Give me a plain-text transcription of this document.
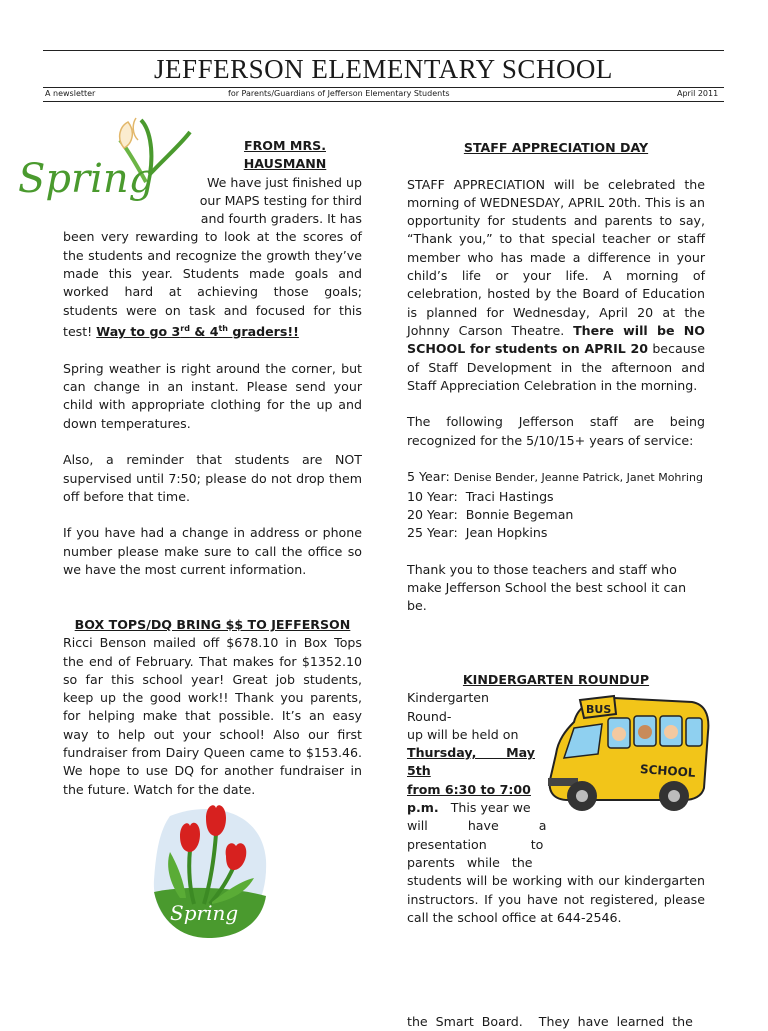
JEFFERSON ELEMENTARY SCHOOL
A newsletter	for Parents/Guardians of Jefferson Elementary Students	April 2011
Spring
FROM MRS. HAUSMANN
We have just finished up
our MAPS testing for third
and fourth graders. It has

been very rewarding to look at the scores of the students and recognize the growth they’ve made this year. Students made goals and worked hard at achieving those goals; students were on task and focused for this test! Way to go 3rd & 4th graders!!

Spring weather is right around the corner, but can change in an instant. Please send your child with appropriate clothing for the up and down temperatures.

Also, a reminder that students are NOT supervised until 7:50; please do not drop them off before that time.

If you have had a change in address or phone number please make sure to call the office so we have the most current information.

BOX TOPS/DQ BRING $$ TO JEFFERSON

Ricci Benson mailed off $678.10 in Box Tops the end of February. That makes for $1352.10 so far this school year! Great job students, keep up the good work!! Thank you parents, for helping make that possible. It’s an easy way to help out your school! Also our first fundraiser from Dairy Queen came to $153.46. We hope to use DQ for another fundraiser in the future. Watch for the date.

Spring
STAFF APPRECIATION DAY

STAFF APPRECIATION will be celebrated the morning of WEDNESDAY, APRIL 20th. This is an opportunity for students and parents to say, “Thank you,” to that special teacher or staff member who has made a difference in your child’s life or your life. A morning of celebration, hosted by the Board of Education is planned for Wednesday, April 20 at the Johnny Carson Theatre. There will be NO SCHOOL for students on APRIL 20 because of Staff Development in the afternoon and Staff Appreciation Celebration in the morning.

The following Jefferson staff are being recognized for the 5/10/15+ years of service:

5 Year: Denise Bender, Jeanne Patrick, Janet Mohring
10 Year: Traci Hastings
20 Year: Bonnie Begeman
25 Year: Jean Hopkins

Thank you to those teachers and staff who make Jefferson School the best school it can be.

KINDERGARTEN ROUNDUP
Kindergarten Round-
up will be held on
Thursday, May 5th
from 6:30 to 7:00
p.m. This year we
will          have          a
presentation           to
parents   while   the

students will be working with our kindergarten instructors. If you have not registered, please call the school office at 644-2546.

BUS
SCHOOL
the  Smart  Board.    They  have  learned  the
